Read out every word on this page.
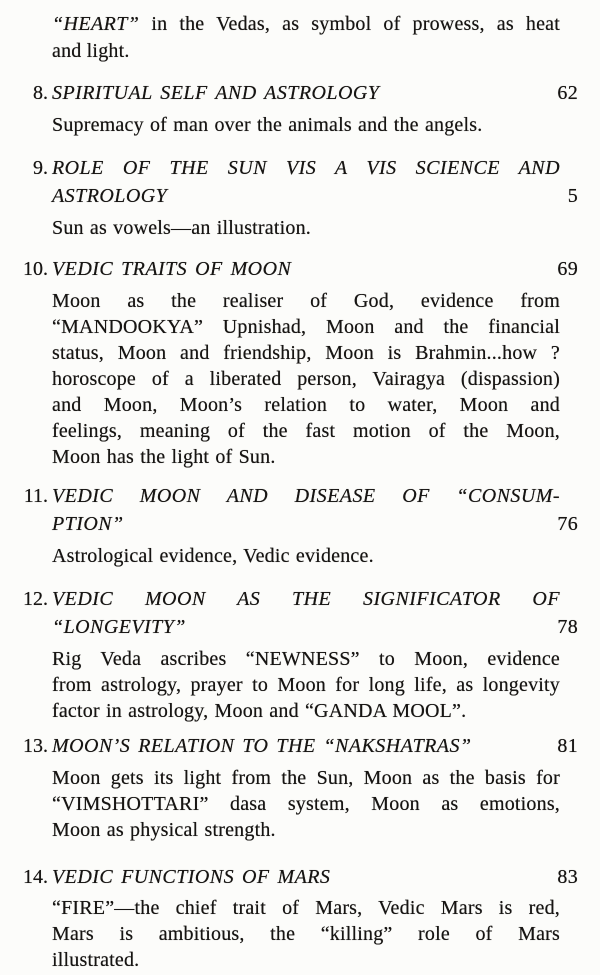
“HEART” in the Vedas, as symbol of prowess, as heat
and light.
8. SPIRITUAL SELF AND ASTROLOGY	62
Supremacy of man over the animals and the angels.
9. ROLE OF THE SUN VIS A VIS SCIENCE AND
ASTROLOGY	5
Sun as vowels—an illustration.
10. VEDIC TRAITS OF MOON	69
Moon as the realiser of God, evidence from
“MANDOOKYA” Upnishad, Moon and the financial
status, Moon and friendship, Moon is Brahmin...how ?
horoscope of a liberated person, Vairagya (dispassion)
and Moon, Moon’s relation to water, Moon and
feelings, meaning of the fast motion of the Moon,
Moon has the light of Sun.
11. VEDIC MOON AND DISEASE OF “CONSUM-
PTION”	76
Astrological evidence, Vedic evidence.
12. VEDIC MOON AS THE SIGNIFICATOR OF
“LONGEVITY”	78
Rig Veda ascribes “NEWNESS” to Moon, evidence
from astrology, prayer to Moon for long life, as longevity
factor in astrology, Moon and “GANDA MOOL”.
13. MOON’S RELATION TO THE “NAKSHATRAS”	81
Moon gets its light from the Sun, Moon as the basis for
“VIMSHOTTARI” dasa system, Moon as emotions,
Moon as physical strength.
14. VEDIC FUNCTIONS OF MARS	83
“FIRE”—the chief trait of Mars, Vedic Mars is red,
Mars is ambitious, the “killing” role of Mars
illustrated.
